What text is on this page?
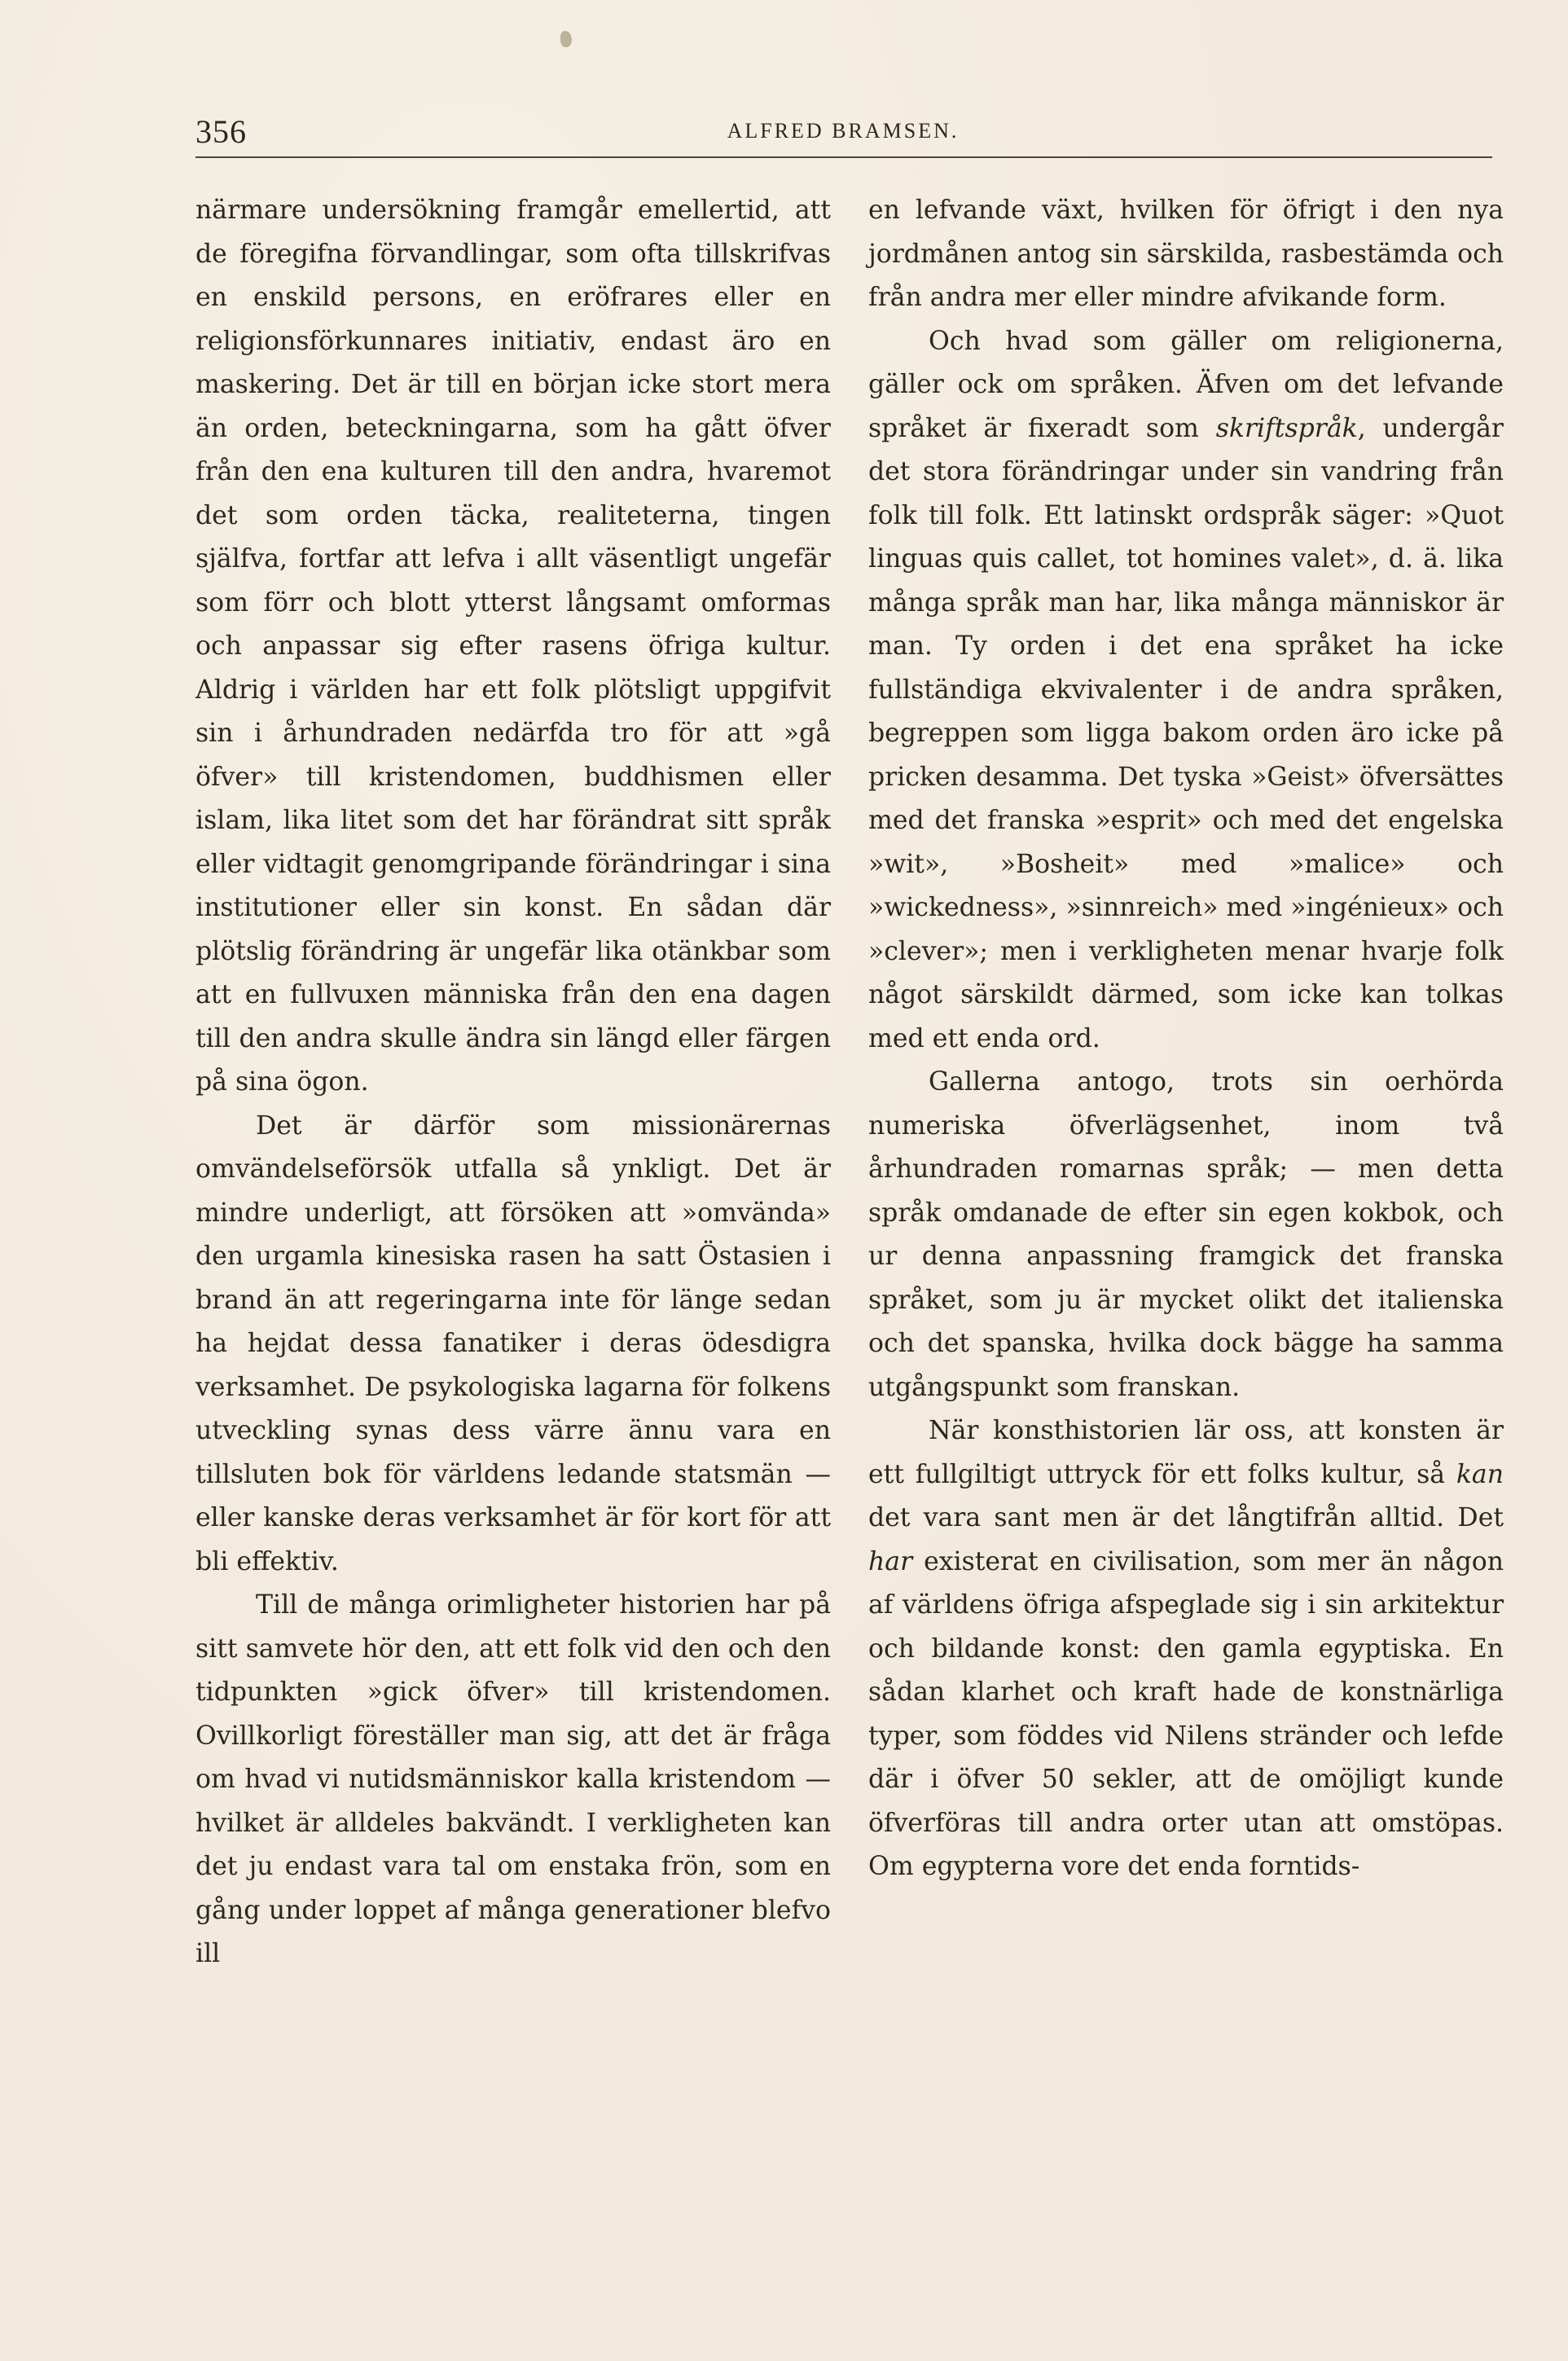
356	ALFRED BRAMSEN.

närmare undersökning framgår emellertid, att de föregifna förvandlingar, som ofta tillskrifvas en enskild persons, en eröfrares eller en religionsförkunnares initiativ, endast äro en maskering. Det är till en början icke stort mera än orden, beteckningarna, som ha gått öfver från den ena kulturen till den andra, hvaremot det som orden täcka, realiteterna, tingen själfva, fortfar att lefva i allt väsentligt ungefär som förr och blott ytterst långsamt omformas och anpassar sig efter rasens öfriga kultur. Aldrig i världen har ett folk plötsligt uppgifvit sin i århundraden nedärfda tro för att »gå öfver» till kristendomen, buddhismen eller islam, lika litet som det har förändrat sitt språk eller vidtagit genomgripande förändringar i sina institutioner eller sin konst. En sådan där plötslig förändring är ungefär lika otänkbar som att en fullvuxen människa från den ena dagen till den andra skulle ändra sin längd eller färgen på sina ögon.

Det är därför som missionärernas omvändelseförsök utfalla så ynkligt. Det är mindre underligt, att försöken att »omvända» den urgamla kinesiska rasen ha satt Östasien i brand än att regeringarna inte för länge sedan ha hejdat dessa fanatiker i deras ödesdigra verksamhet. De psykologiska lagarna för folkens utveckling synas dess värre ännu vara en tillsluten bok för världens ledande statsmän — eller kanske deras verksamhet är för kort för att bli effektiv.

Till de många orimligheter historien har på sitt samvete hör den, att ett folk vid den och den tidpunkten »gick öfver» till kristendomen. Ovillkorligt föreställer man sig, att det är fråga om hvad vi nutidsmänniskor kalla kristendom — hvilket är alldeles bakvändt. I verkligheten kan det ju endast vara tal om enstaka frön, som en gång under loppet af många generationer blefvo ill

en lefvande växt, hvilken för öfrigt i den nya jordmånen antog sin särskilda, rasbestämda och från andra mer eller mindre afvikande form.

Och hvad som gäller om religionerna, gäller ock om språken. Äfven om det lefvande språket är fixeradt som skriftspråk, undergår det stora förändringar under sin vandring från folk till folk. Ett latinskt ordspråk säger: »Quot linguas quis callet, tot homines valet», d. ä. lika många språk man har, lika många människor är man. Ty orden i det ena språket ha icke fullständiga ekvivalenter i de andra språken, begreppen som ligga bakom orden äro icke på pricken desamma. Det tyska »Geist» öfversättes med det franska »esprit» och med det engelska »wit», »Bosheit» med »malice» och »wickedness», »sinnreich» med »ingénieux» och »clever»; men i verkligheten menar hvarje folk något särskildt därmed, som icke kan tolkas med ett enda ord.

Gallerna antogo, trots sin oerhörda numeriska öfverlägsenhet, inom två århundraden romarnas språk; — men detta språk omdanade de efter sin egen kokbok, och ur denna anpassning framgick det franska språket, som ju är mycket olikt det italienska och det spanska, hvilka dock bägge ha samma utgångspunkt som franskan.

När konsthistorien lär oss, att konsten är ett fullgiltigt uttryck för ett folks kultur, så kan det vara sant men är det långtifrån alltid. Det har existerat en civilisation, som mer än någon af världens öfriga afspeglade sig i sin arkitektur och bildande konst: den gamla egyptiska. En sådan klarhet och kraft hade de konstnärliga typer, som föddes vid Nilens stränder och lefde där i öfver 50 sekler, att de omöjligt kunde öfverföras till andra orter utan att omstöpas. Om egypterna vore det enda forntids-
